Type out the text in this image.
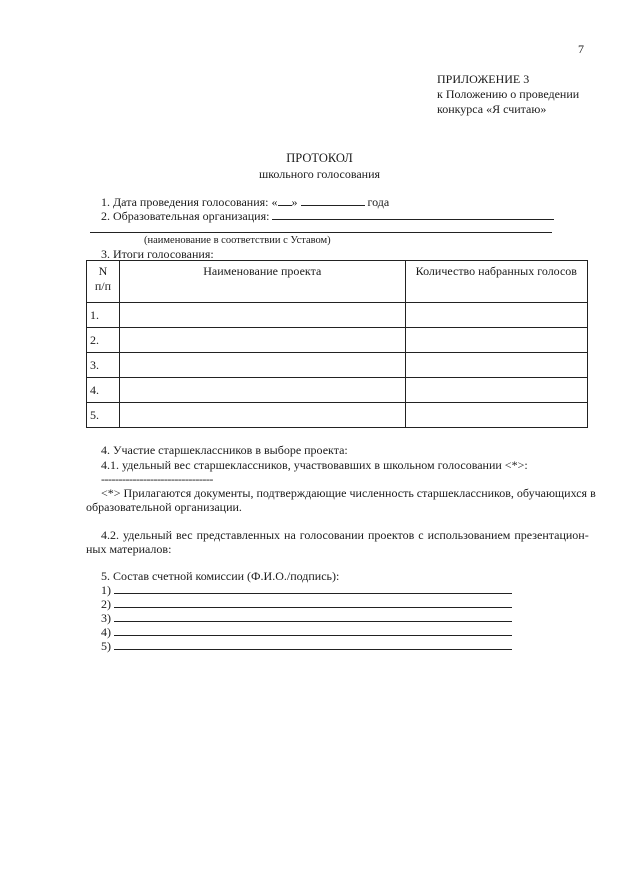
7
ПРИЛОЖЕНИЕ 3
к Положению о проведении
конкурса «Я считаю»
ПРОТОКОЛ
школьного голосования
1. Дата проведения голосования: « »	года
2. Образовательная организация:
(наименование в соответствии с Уставом)
3. Итоги голосования:
N
п/п	Наименование проекта	Количество набранных голосов
1.		
2.		
3.		
4.		
5.		
4. Участие старшеклассников в выборе проекта:
4.1. удельный вес старшеклассников, участвовавших в школьном голосовании <*>:
--------------------------------
<*> Прилагаются документы, подтверждающие численность старшеклассников, обучающихся в
образовательной организации.
4.2. удельный вес представленных на голосовании проектов с использованием презентацион-
ных материалов:
5. Состав счетной комиссии (Ф.И.О./подпись):
1)
2)
3)
4)
5)
